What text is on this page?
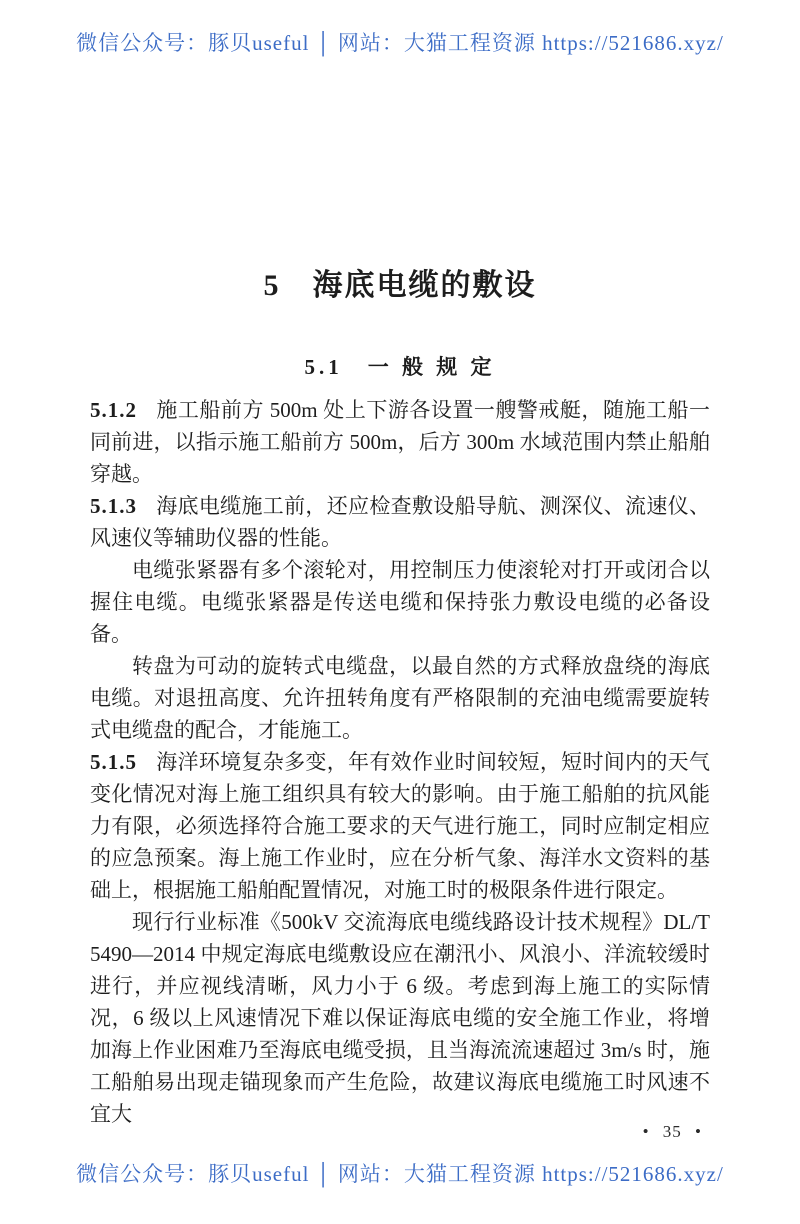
微信公众号：豚贝useful │ 网站：大猫工程资源 https://521686.xyz/
5　海底电缆的敷设
5.1　一 般 规 定

5.1.2 施工船前方 500m 处上下游各设置一艘警戒艇，随施工船一同前进，以指示施工船前方 500m，后方 300m 水域范围内禁止船舶穿越。

5.1.3 海底电缆施工前，还应检查敷设船导航、测深仪、流速仪、风速仪等辅助仪器的性能。

电缆张紧器有多个滚轮对，用控制压力使滚轮对打开或闭合以握住电缆。电缆张紧器是传送电缆和保持张力敷设电缆的必备设备。

转盘为可动的旋转式电缆盘，以最自然的方式释放盘绕的海底电缆。对退扭高度、允许扭转角度有严格限制的充油电缆需要旋转式电缆盘的配合，才能施工。

5.1.5 海洋环境复杂多变，年有效作业时间较短，短时间内的天气变化情况对海上施工组织具有较大的影响。由于施工船舶的抗风能力有限，必须选择符合施工要求的天气进行施工，同时应制定相应的应急预案。海上施工作业时，应在分析气象、海洋水文资料的基础上，根据施工船舶配置情况，对施工时的极限条件进行限定。

现行行业标准《500kV 交流海底电缆线路设计技术规程》DL/T 5490—2014 中规定海底电缆敷设应在潮汛小、风浪小、洋流较缓时进行，并应视线清晰，风力小于 6 级。考虑到海上施工的实际情况，6 级以上风速情况下难以保证海底电缆的安全施工作业，将增加海上作业困难乃至海底电缆受损，且当海流流速超过 3m/s 时，施工船舶易出现走锚现象而产生危险，故建议海底电缆施工时风速不宜大

• 35 •
微信公众号：豚贝useful │ 网站：大猫工程资源 https://521686.xyz/
